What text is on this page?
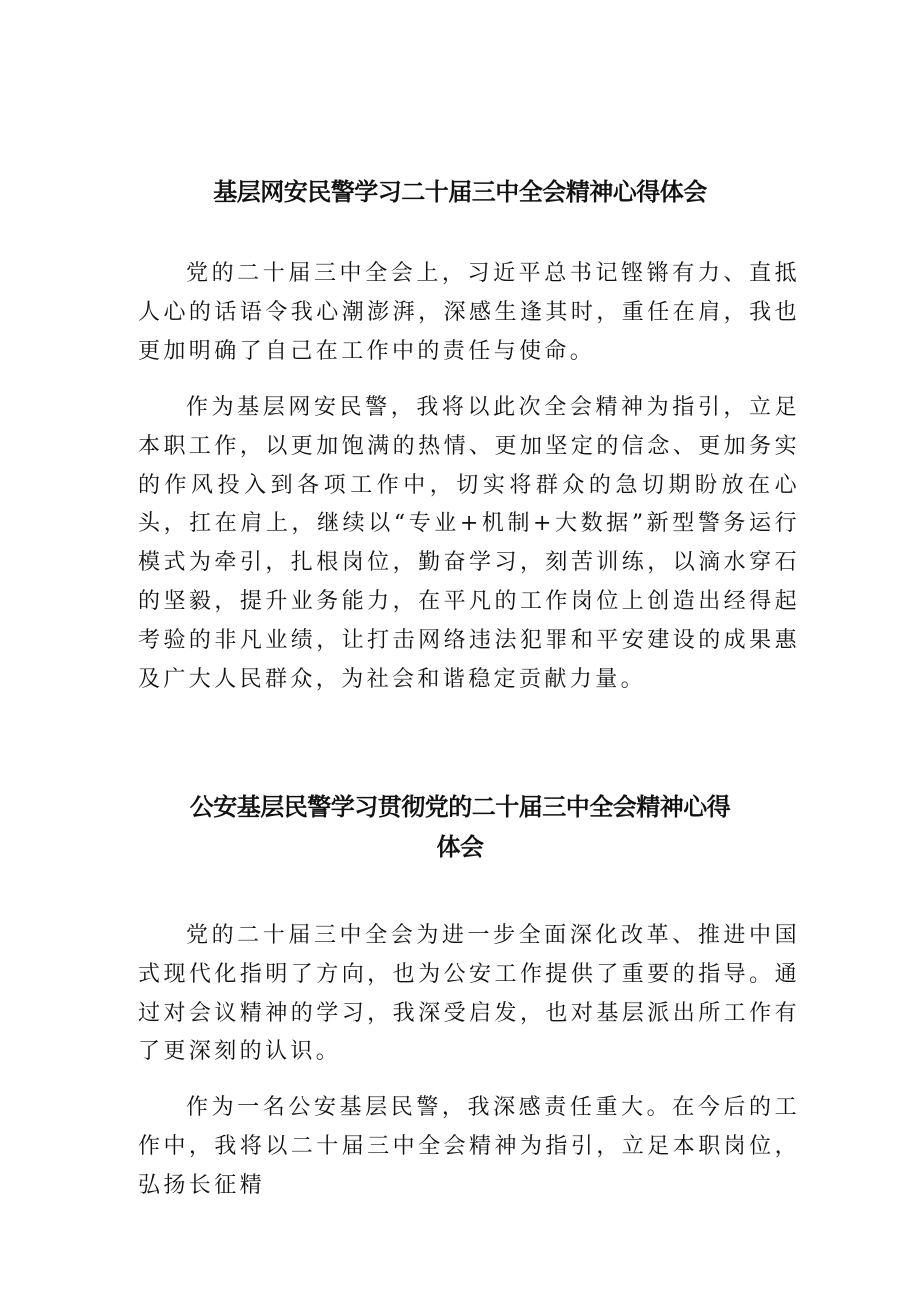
基层网安民警学习二十届三中全会精神心得体会

党的二十届三中全会上，习近平总书记铿锵有力、直抵人心的话语令我心潮澎湃，深感生逢其时，重任在肩，我也更加明确了自己在工作中的责任与使命。

作为基层网安民警，我将以此次全会精神为指引，立足本职工作，以更加饱满的热情、更加坚定的信念、更加务实的作风投入到各项工作中，切实将群众的急切期盼放在心头，扛在肩上，继续以“专业+机制+大数据”新型警务运行模式为牵引，扎根岗位，勤奋学习，刻苦训练，以滴水穿石的坚毅，提升业务能力，在平凡的工作岗位上创造出经得起考验的非凡业绩，让打击网络违法犯罪和平安建设的成果惠及广大人民群众，为社会和谐稳定贡献力量。

公安基层民警学习贯彻党的二十届三中全会精神心得
体会

党的二十届三中全会为进一步全面深化改革、推进中国式现代化指明了方向，也为公安工作提供了重要的指导。通过对会议精神的学习，我深受启发，也对基层派出所工作有了更深刻的认识。

作为一名公安基层民警，我深感责任重大。在今后的工作中，我将以二十届三中全会精神为指引，立足本职岗位，弘扬长征精
